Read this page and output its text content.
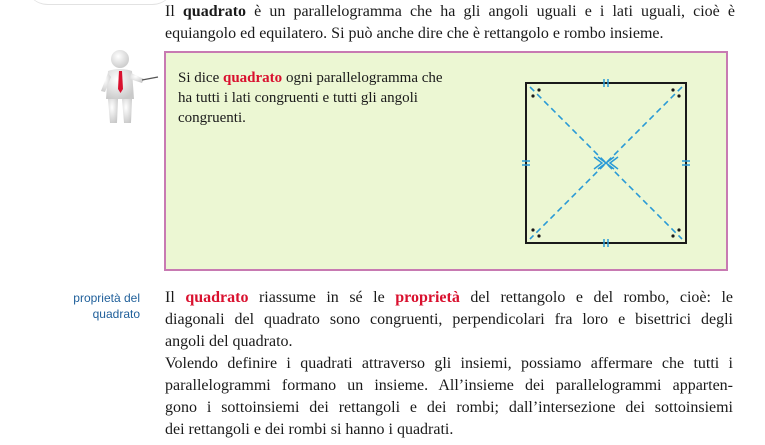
Il quadrato è un parallelogramma che ha gli angoli uguali e i lati uguali, cioè è
equiangolo ed equilatero. Si può anche dire che è rettangolo e rombo insieme.
Si dice quadrato ogni parallelogramma che
ha tutti i lati congruenti e tutti gli angoli
congruenti.
proprietà del
quadrato
Il quadrato riassume in sé le proprietà del rettangolo e del rombo, cioè: le
diagonali del quadrato sono congruenti, perpendicolari fra loro e bisettrici degli
angoli del quadrato.
Volendo definire i quadrati attraverso gli insiemi, possiamo affermare che tutti i
parallelogrammi formano un insieme. All’insieme dei parallelogrammi apparten-
gono i sottoinsiemi dei rettangoli e dei rombi; dall’intersezione dei sottoinsiemi
dei rettangoli e dei rombi si hanno i quadrati.
